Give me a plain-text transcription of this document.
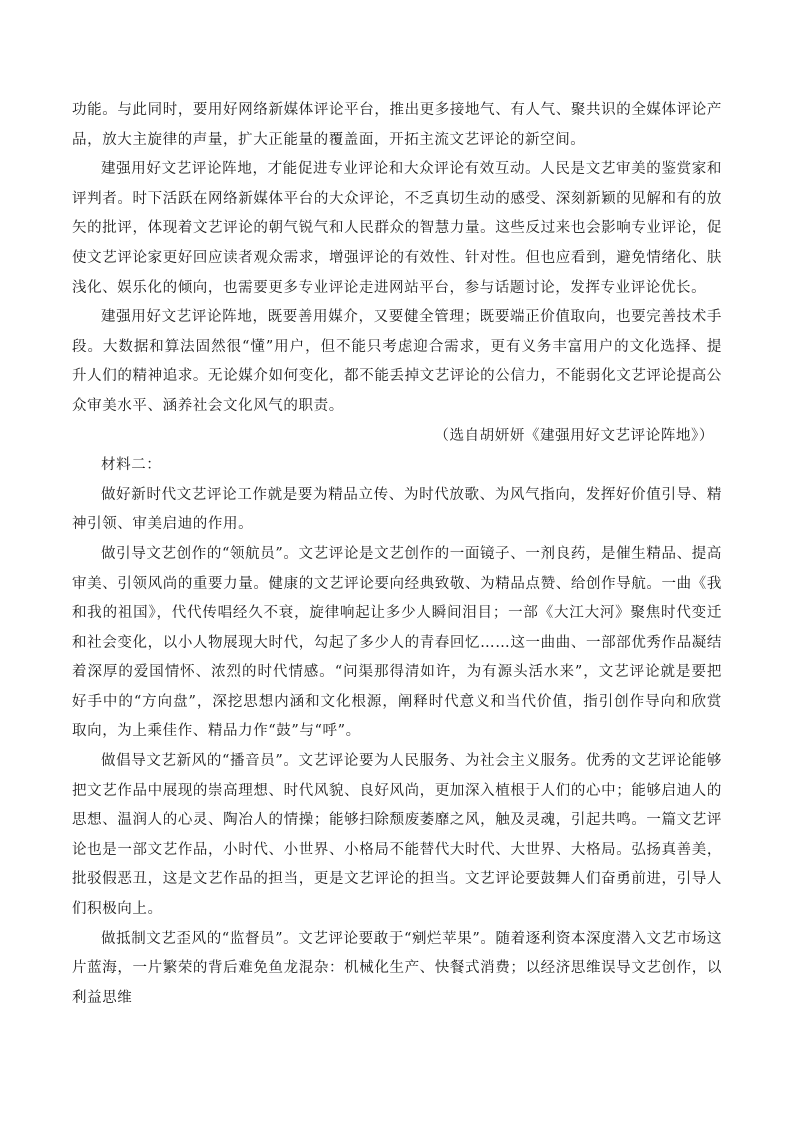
功能。与此同时，要用好网络新媒体评论平台，推出更多接地气、有人气、聚共识的全媒体评论产品，放大主旋律的声量，扩大正能量的覆盖面，开拓主流文艺评论的新空间。

建强用好文艺评论阵地，才能促进专业评论和大众评论有效互动。人民是文艺审美的鉴赏家和评判者。时下活跃在网络新媒体平台的大众评论，不乏真切生动的感受、深刻新颖的见解和有的放矢的批评，体现着文艺评论的朝气锐气和人民群众的智慧力量。这些反过来也会影响专业评论，促使文艺评论家更好回应读者观众需求，增强评论的有效性、针对性。但也应看到，避免情绪化、肤浅化、娱乐化的倾向，也需要更多专业评论走进网站平台，参与话题讨论，发挥专业评论优长。

建强用好文艺评论阵地，既要善用媒介，又要健全管理；既要端正价值取向，也要完善技术手段。大数据和算法固然很“懂”用户，但不能只考虑迎合需求，更有义务丰富用户的文化选择、提升人们的精神追求。无论媒介如何变化，都不能丢掉文艺评论的公信力，不能弱化文艺评论提高公众审美水平、涵养社会文化风气的职责。

（选自胡妍妍《建强用好文艺评论阵地》）

材料二：

做好新时代文艺评论工作就是要为精品立传、为时代放歌、为风气指向，发挥好价值引导、精神引领、审美启迪的作用。

做引导文艺创作的“领航员”。文艺评论是文艺创作的一面镜子、一剂良药，是催生精品、提高审美、引领风尚的重要力量。健康的文艺评论要向经典致敬、为精品点赞、给创作导航。一曲《我和我的祖国》，代代传唱经久不衰，旋律响起让多少人瞬间泪目；一部《大江大河》聚焦时代变迁和社会变化，以小人物展现大时代，勾起了多少人的青春回忆……这一曲曲、一部部优秀作品凝结着深厚的爱国情怀、浓烈的时代情感。“问渠那得清如许，为有源头活水来”，文艺评论就是要把好手中的“方向盘”，深挖思想内涵和文化根源，阐释时代意义和当代价值，指引创作导向和欣赏取向，为上乘佳作、精品力作“鼓”与“呼”。

做倡导文艺新风的“播音员”。文艺评论要为人民服务、为社会主义服务。优秀的文艺评论能够把文艺作品中展现的崇高理想、时代风貌、良好风尚，更加深入植根于人们的心中；能够启迪人的思想、温润人的心灵、陶冶人的情操；能够扫除颓废萎靡之风，触及灵魂，引起共鸣。一篇文艺评论也是一部文艺作品，小时代、小世界、小格局不能替代大时代、大世界、大格局。弘扬真善美，批驳假恶丑，这是文艺作品的担当，更是文艺评论的担当。文艺评论要鼓舞人们奋勇前进，引导人们积极向上。

做抵制文艺歪风的“监督员”。文艺评论要敢于“剜烂苹果”。随着逐利资本深度潜入文艺市场这片蓝海，一片繁荣的背后难免鱼龙混杂：机械化生产、快餐式消费；以经济思维误导文艺创作，以利益思维
